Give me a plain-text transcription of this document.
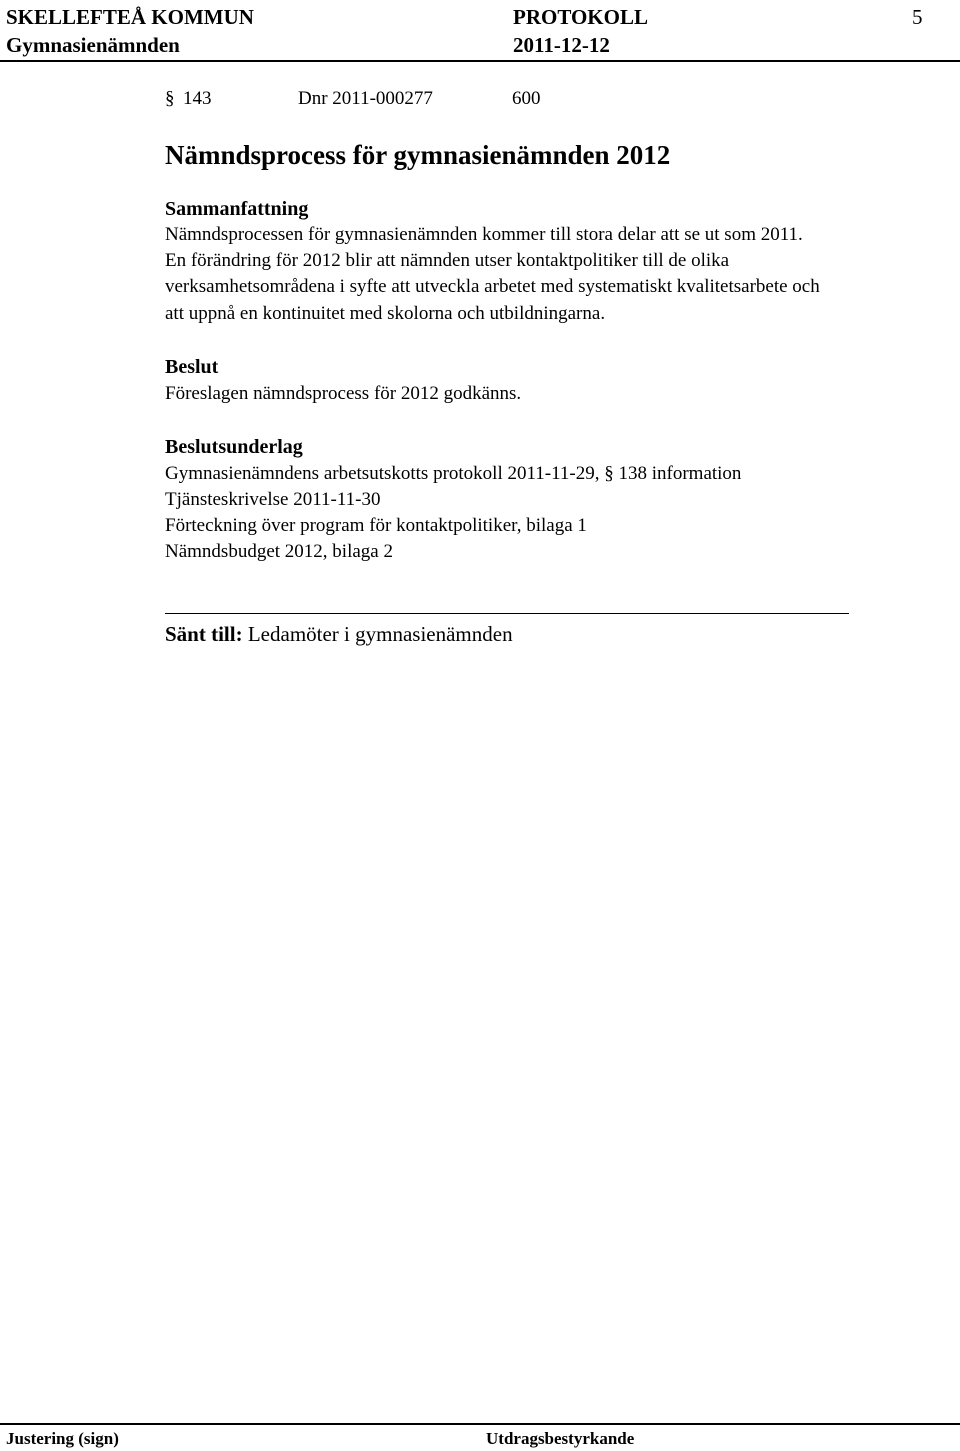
SKELLEFTEÅ KOMMUN	PROTOKOLL	5
Gymnasienämnden	2011-12-12
§ 143	Dnr 2011-000277	600
Nämndsprocess för gymnasienämnden 2012
Sammanfattning
Nämndsprocessen för gymnasienämnden kommer till stora delar att se ut som 2011.
En förändring för 2012 blir att nämnden utser kontaktpolitiker till de olika
verksamhetsområdena i syfte att utveckla arbetet med systematiskt kvalitetsarbete och
att uppnå en kontinuitet med skolorna och utbildningarna.
Beslut
Föreslagen nämndsprocess för 2012 godkänns.
Beslutsunderlag
Gymnasienämndens arbetsutskotts protokoll 2011-11-29, § 138 information
Tjänsteskrivelse 2011-11-30
Förteckning över program för kontaktpolitiker, bilaga 1
Nämndsbudget 2012, bilaga 2
Sänt till: Ledamöter i gymnasienämnden
Justering (sign)	Utdragsbestyrkande
